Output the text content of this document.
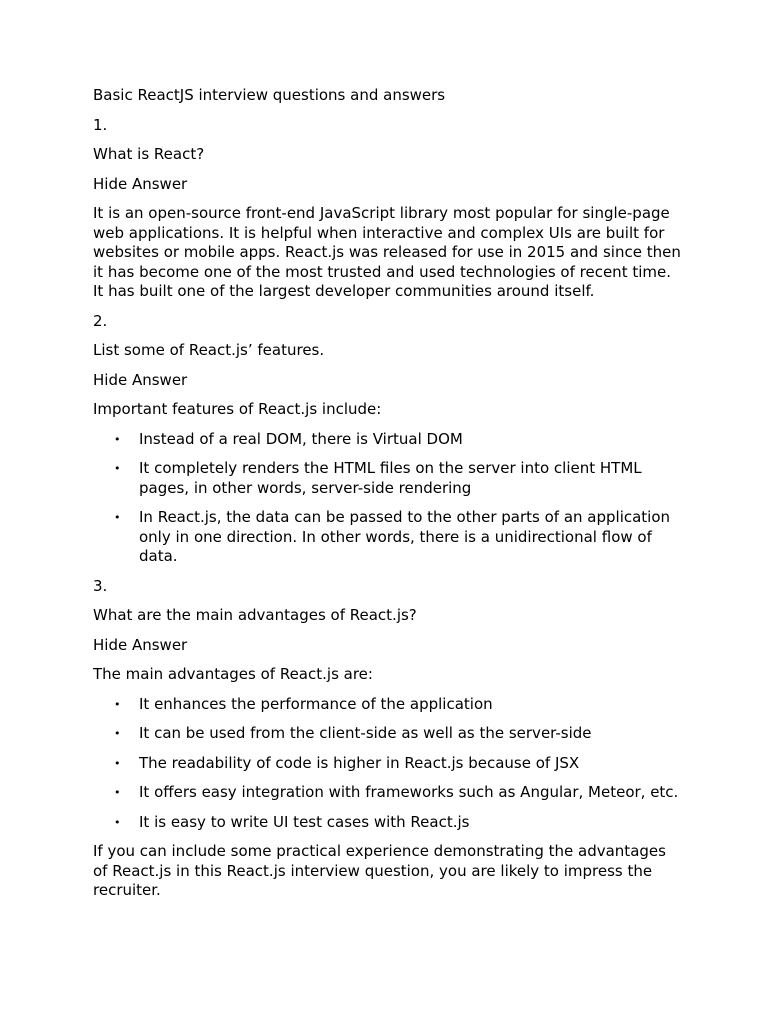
Basic ReactJS interview questions and answers

1.

What is React?

Hide Answer

It is an open-source front-end JavaScript library most popular for single-page web applications. It is helpful when interactive and complex UIs are built for websites or mobile apps. React.js was released for use in 2015 and since then it has become one of the most trusted and used technologies of recent time. It has built one of the largest developer communities around itself.

2.

List some of React.js’ features.

Hide Answer

Important features of React.js include:

• Instead of a real DOM, there is Virtual DOM
• It completely renders the HTML files on the server into client HTML pages, in other words, server-side rendering
• In React.js, the data can be passed to the other parts of an application only in one direction. In other words, there is a unidirectional flow of data.

3.

What are the main advantages of React.js?

Hide Answer

The main advantages of React.js are:

• It enhances the performance of the application
• It can be used from the client-side as well as the server-side
• The readability of code is higher in React.js because of JSX
• It offers easy integration with frameworks such as Angular, Meteor, etc.
• It is easy to write UI test cases with React.js

If you can include some practical experience demonstrating the advantages of React.js in this React.js interview question, you are likely to impress the recruiter.
